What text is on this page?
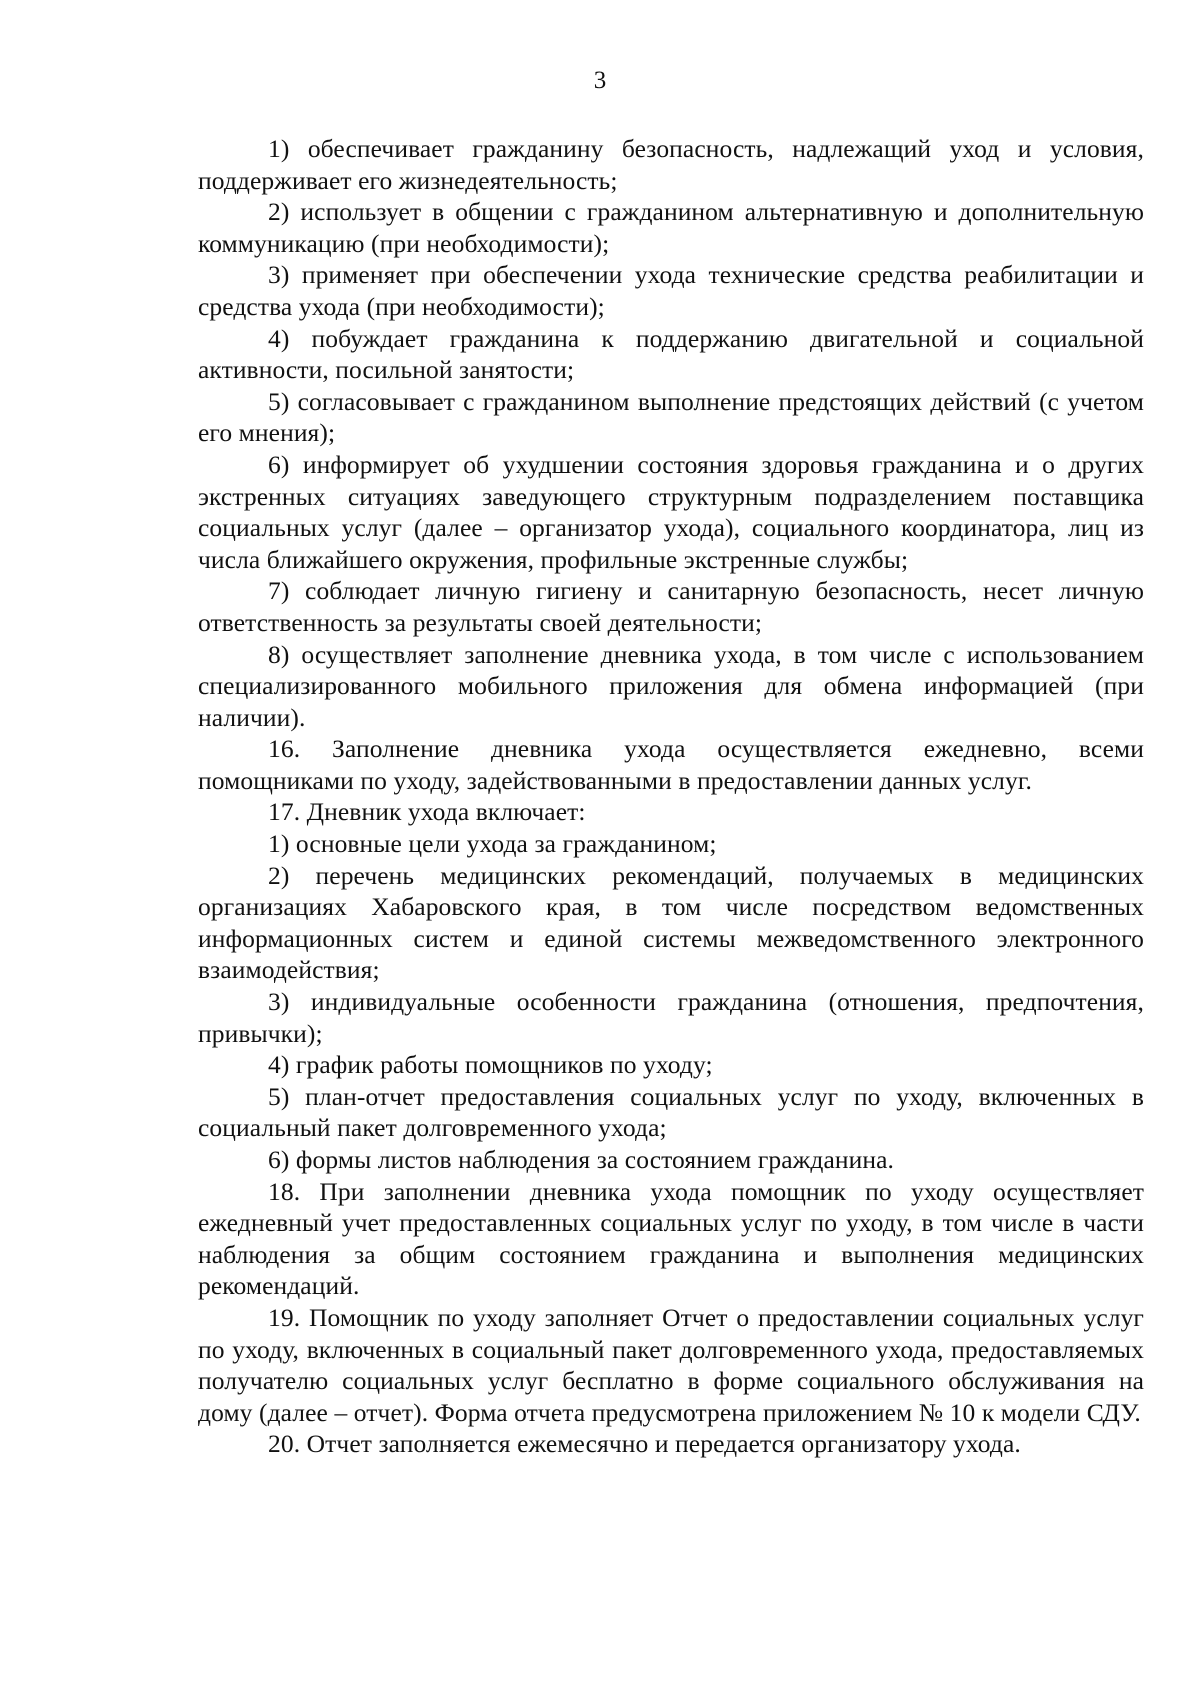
3

1) обеспечивает гражданину безопасность, надлежащий уход и условия, поддерживает его жизнедеятельность;

2) использует в общении с гражданином альтернативную и дополнительную коммуникацию (при необходимости);

3) применяет при обеспечении ухода технические средства реабилитации и средства ухода (при необходимости);

4) побуждает гражданина к поддержанию двигательной и социальной активности, посильной занятости;

5) согласовывает с гражданином выполнение предстоящих действий (с учетом его мнения);

6) информирует об ухудшении состояния здоровья гражданина и о других экстренных ситуациях заведующего структурным подразделением поставщика социальных услуг (далее – организатор ухода), социального координатора, лиц из числа ближайшего окружения, профильные экстренные службы;

7) соблюдает личную гигиену и санитарную безопасность, несет личную ответственность за результаты своей деятельности;

8) осуществляет заполнение дневника ухода, в том числе с использованием специализированного мобильного приложения для обмена информацией (при наличии).

16. Заполнение дневника ухода осуществляется ежедневно, всеми помощниками по уходу, задействованными в предоставлении данных услуг.

17. Дневник ухода включает:

1) основные цели ухода за гражданином;

2) перечень медицинских рекомендаций, получаемых в медицинских организациях Хабаровского края, в том числе посредством ведомственных информационных систем и единой системы межведомственного электронного взаимодействия;

3) индивидуальные особенности гражданина (отношения, предпочтения, привычки);

4) график работы помощников по уходу;

5) план-отчет предоставления социальных услуг по уходу, включенных в социальный пакет долговременного ухода;

6) формы листов наблюдения за состоянием гражданина.

18. При заполнении дневника ухода помощник по уходу осуществляет ежедневный учет предоставленных социальных услуг по уходу, в том числе в части наблюдения за общим состоянием гражданина и выполнения медицинских рекомендаций.

19. Помощник по уходу заполняет Отчет о предоставлении социальных услуг по уходу, включенных в социальный пакет долговременного ухода, предоставляемых получателю социальных услуг бесплатно в форме социального обслуживания на дому (далее – отчет). Форма отчета предусмотрена приложением № 10 к модели СДУ.

20. Отчет заполняется ежемесячно и передается организатору ухода.
